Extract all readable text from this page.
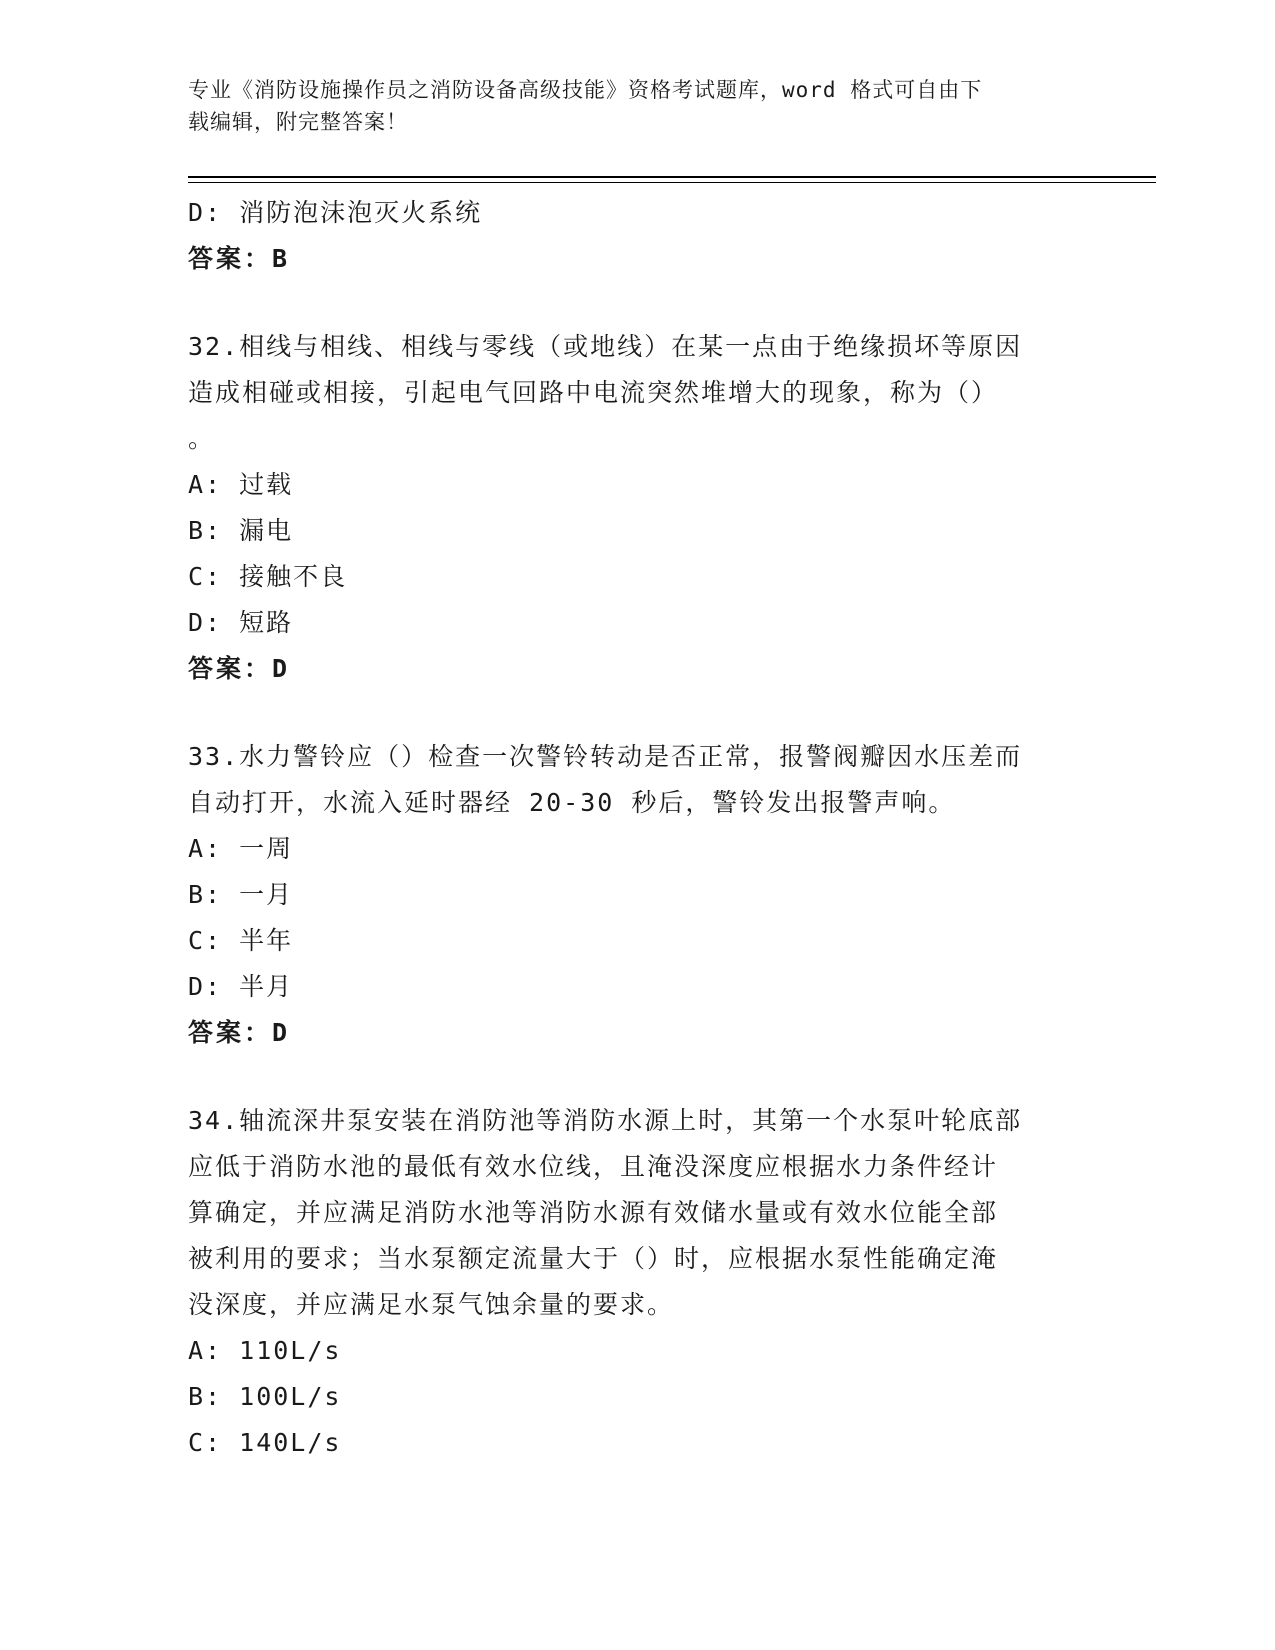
专业《消防设施操作员之消防设备高级技能》资格考试题库，word 格式可自由下

载编辑，附完整答案！

D: 消防泡沫泡灭火系统
答案：B
32.相线与相线、相线与零线（或地线）在某一点由于绝缘损坏等原因
造成相碰或相接，引起电气回路中电流突然堆增大的现象，称为（）
。
A: 过载
B: 漏电
C: 接触不良
D: 短路
答案：D
33.水力警铃应（）检查一次警铃转动是否正常，报警阀瓣因水压差而
自动打开，水流入延时器经 20-30 秒后，警铃发出报警声响。
A: 一周
B: 一月
C: 半年
D: 半月
答案：D
34.轴流深井泵安装在消防池等消防水源上时，其第一个水泵叶轮底部
应低于消防水池的最低有效水位线，且淹没深度应根据水力条件经计
算确定，并应满足消防水池等消防水源有效储水量或有效水位能全部
被利用的要求；当水泵额定流量大于（）时，应根据水泵性能确定淹
没深度，并应满足水泵气蚀余量的要求。
A: 110L/s
B: 100L/s
C: 140L/s
